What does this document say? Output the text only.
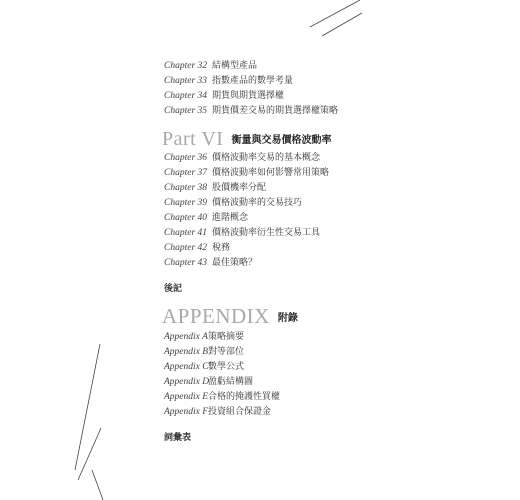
Chapter 32 結構型產品
Chapter 33 指數產品的數學考量
Chapter 34 期貨與期貨選擇權
Chapter 35 期貨價差交易的期貨選擇權策略
Part VI 衡量與交易價格波動率
Chapter 36 價格波動率交易的基本概念
Chapter 37 價格波動率如何影響常用策略
Chapter 38 股價機率分配
Chapter 39 價格波動率的交易技巧
Chapter 40 進階概念
Chapter 41 價格波動率衍生性交易工具
Chapter 42 稅務
Chapter 43 最佳策略？
後記
APPENDIX 附錄
Appendix A 策略摘要
Appendix B 對等部位
Appendix C 數學公式
Appendix D
盈虧結構圖
Appendix E 合格的掩護性買權
Appendix F 投資組合保證金
詞彙表
